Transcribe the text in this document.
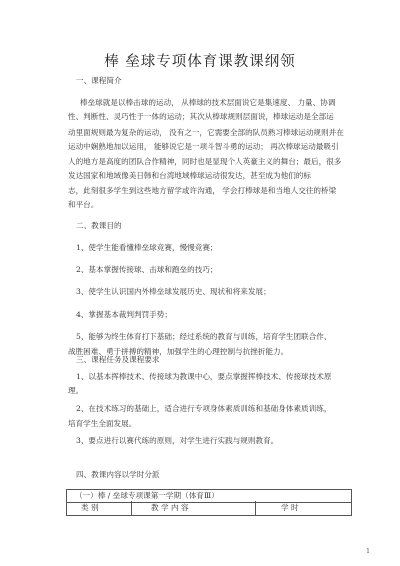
棒 垒球专项体育课教课纲领
一、课程简介
棒垒球就是以棒击球的运动， 从棒球的技术层面说它是集速度、 力量、协调
性、判断性、灵巧性于一体的运动；其次从棒球规则层面说，棒球运动是全部运
动里面规则最为复杂的运动， 没有之一，它需要全部的队员熟习棒球运动规则并在
运动中娴熟地加以运用， 能够说它是一项斗智斗勇的运动； 再次棒球运动最吸引
人的地方是高度的团队合作精神，同时也是显现个人英豪主义的舞台；最后，很多
发达国家和地域像美日韩和台湾地域棒球运动很发达，甚至成为他们的标
志，此刻很多学生到这些地方留学或许沟通， 学会打棒球是和当地人交往的桥梁
和平台。
二、教课目的
1、使学生能看懂棒垒球竞赛，慢慢竞赛；
2、基本掌握传接球、击球和跑垒的技巧；
3、使学生认识国内外棒垒球发展历史、现状和将来发展；
4、掌握基本裁判判罚手势；
5、能够为终生体育打下基础；经过系统的教育与训练，培育学生团联合作、
战胜困难、勇于拼搏的精神，加强学生的心理控制与抗挫折能力。
三、课程任务及课程要求
1、以基本挥棒技术、传接球为教课中心，要点掌握挥棒技术、传接球技术原
理。
2、在技术练习的基础上，适合进行专项身体素质训练和基础身体素质训练，
培育学生全面发展。
3、要点进行以赛代练的原则，对学生进行实践与规则教育。
四、教课内容以学时分派
（一）棒 / 垒球专项课第一学期（体育Ⅲ）
类 别	教 学 内 容	学 时
1
